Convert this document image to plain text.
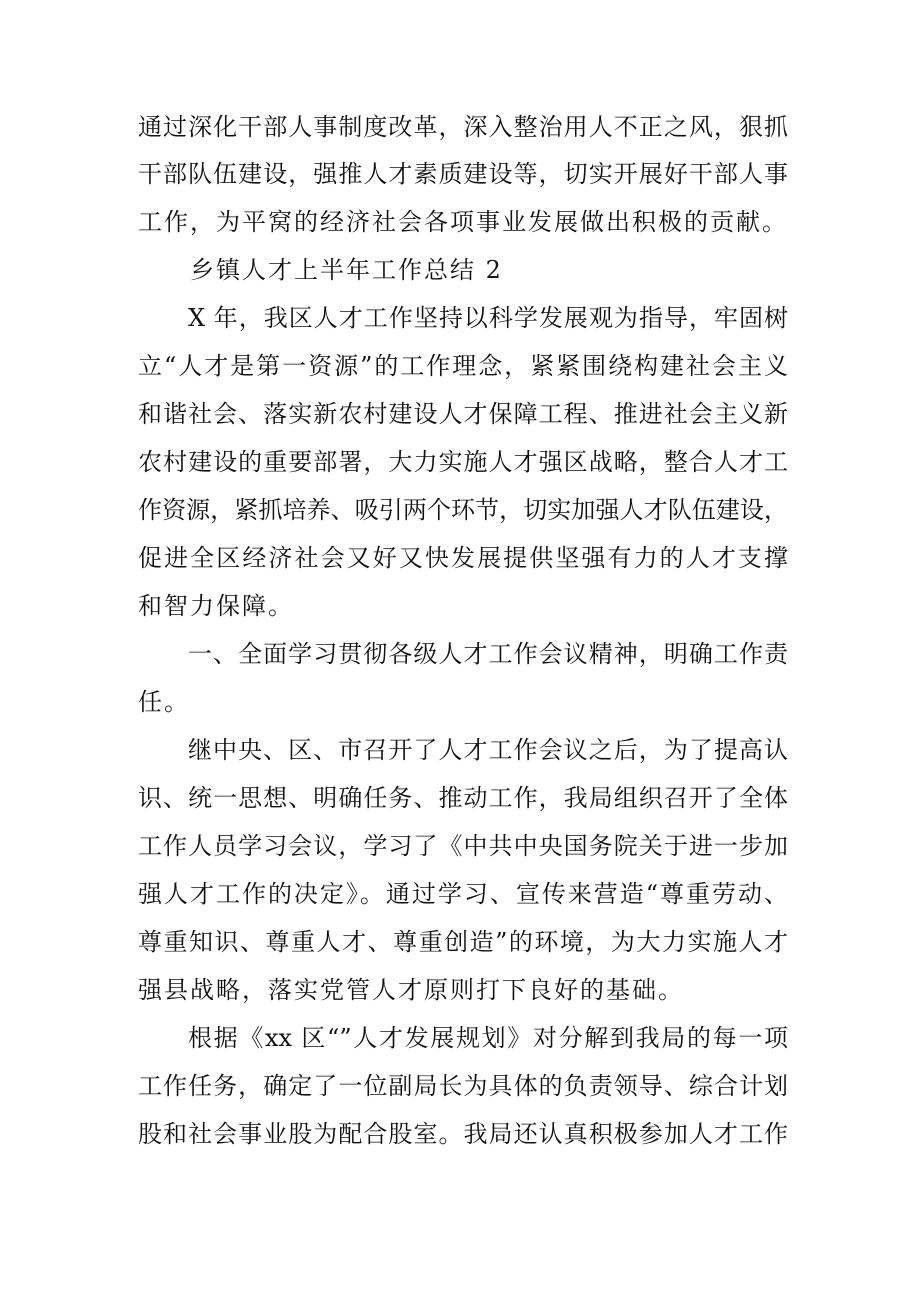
通过深化干部人事制度改革，深入整治用人不正之风，狠抓
干部队伍建设，强推人才素质建设等，切实开展好干部人事
工作，为平窝的经济社会各项事业发展做出积极的贡献。
乡镇人才上半年工作总结 2
X 年，我区人才工作坚持以科学发展观为指导，牢固树
立“人才是第一资源”的工作理念，紧紧围绕构建社会主义
和谐社会、落实新农村建设人才保障工程、推进社会主义新
农村建设的重要部署，大力实施人才强区战略，整合人才工
作资源，紧抓培养、吸引两个环节，切实加强人才队伍建设，
促进全区经济社会又好又快发展提供坚强有力的人才支撑
和智力保障。
一、全面学习贯彻各级人才工作会议精神，明确工作责
任。
继中央、区、市召开了人才工作会议之后，为了提高认
识、统一思想、明确任务、推动工作，我局组织召开了全体
工作人员学习会议，学习了《中共中央国务院关于进一步加
强人才工作的决定》。通过学习、宣传来营造“尊重劳动、
尊重知识、尊重人才、尊重创造”的环境，为大力实施人才
强县战略，落实党管人才原则打下良好的基础。
根据《xx 区“”人才发展规划》对分解到我局的每一项
工作任务，确定了一位副局长为具体的负责领导、综合计划
股和社会事业股为配合股室。我局还认真积极参加人才工作
